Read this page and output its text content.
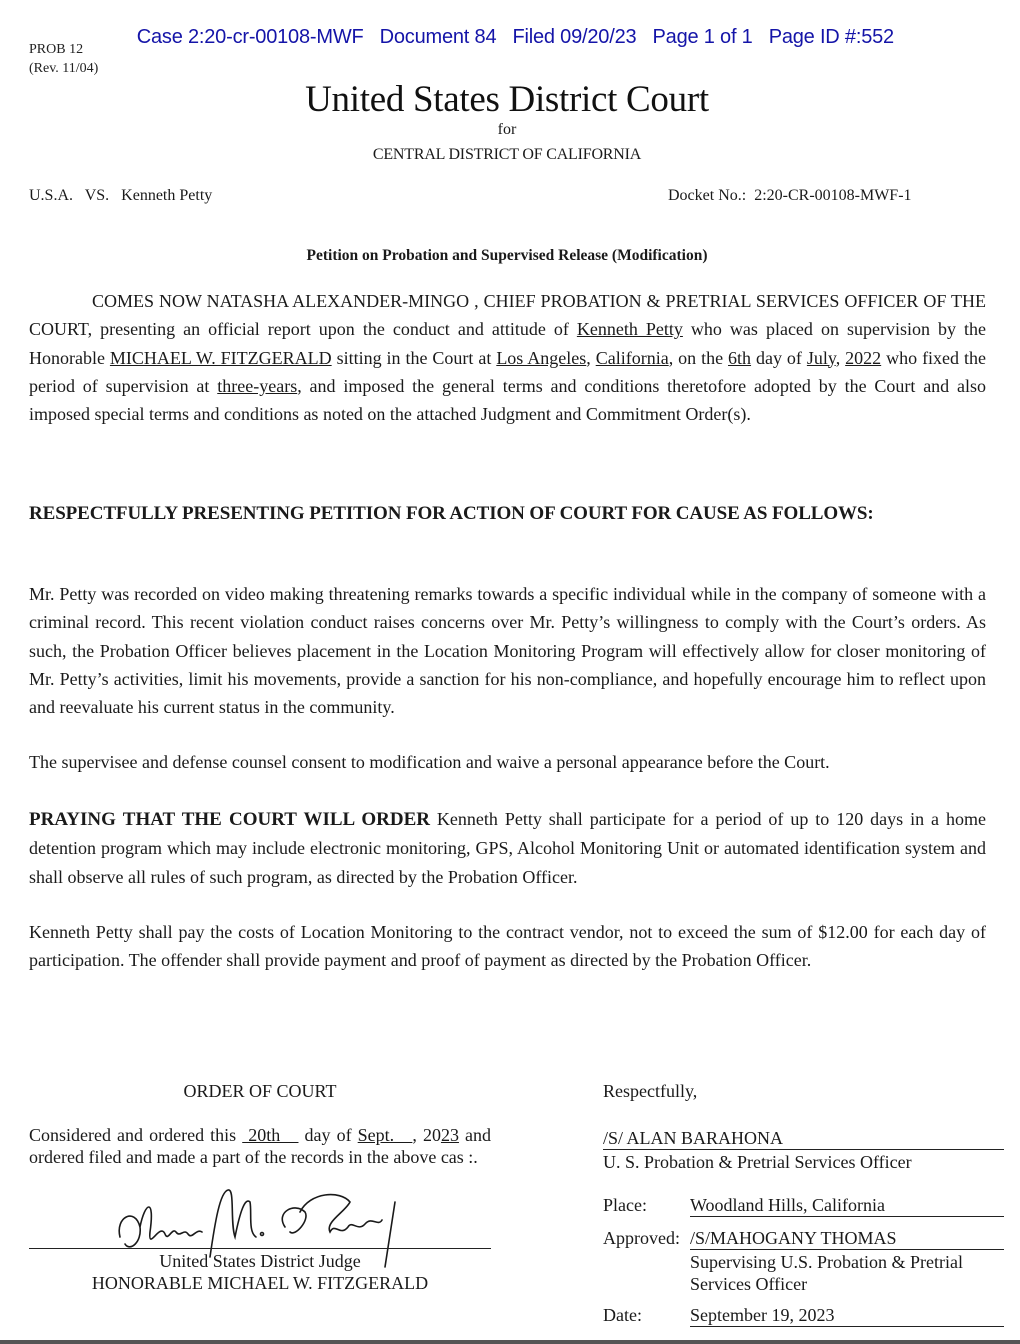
Case 2:20-cr-00108-MWF Document 84 Filed 09/20/23 Page 1 of 1 Page ID #:552

PROB 12
(Rev. 11/04)
United States District Court
for
CENTRAL DISTRICT OF CALIFORNIA
U.S.A.   VS.   Kenneth Petty	Docket No.: 2:20-CR-00108-MWF-1
Petition on Probation and Supervised Release (Modification)
COMES NOW NATASHA ALEXANDER-MINGO , CHIEF PROBATION & PRETRIAL SERVICES OFFICER OF THE COURT, presenting an official report upon the conduct and attitude of Kenneth Petty who was placed on supervision by the Honorable MICHAEL W. FITZGERALD sitting in the Court at Los Angeles, California, on the 6th day of July, 2022 who fixed the period of supervision at three-years, and imposed the general terms and conditions theretofore adopted by the Court and also imposed special terms and conditions as noted on the attached Judgment and Commitment Order(s).
RESPECTFULLY PRESENTING PETITION FOR ACTION OF COURT FOR CAUSE AS FOLLOWS:
Mr. Petty was recorded on video making threatening remarks towards a specific individual while in the company of someone with a criminal record. This recent violation conduct raises concerns over Mr. Petty’s willingness to comply with the Court’s orders. As such, the Probation Officer believes placement in the Location Monitoring Program will effectively allow for closer monitoring of Mr. Petty’s activities, limit his movements, provide a sanction for his non-compliance, and hopefully encourage him to reflect upon and reevaluate his current status in the community.
The supervisee and defense counsel consent to modification and waive a personal appearance before the Court.
PRAYING THAT THE COURT WILL ORDER Kenneth Petty shall participate for a period of up to 120 days in a home detention program which may include electronic monitoring, GPS, Alcohol Monitoring Unit or automated identification system and shall observe all rules of such program, as directed by the Probation Officer.
Kenneth Petty shall pay the costs of Location Monitoring to the contract vendor, not to exceed the sum of $12.00 for each day of participation. The offender shall provide payment and proof of payment as directed by the Probation Officer.
ORDER OF COURT
Considered and ordered this  20th    day of Sept.   , 2023 and ordered filed and made a part of the records in the above cas :.
United States District Judge
HONORABLE MICHAEL W. FITZGERALD
Respectfully,
/S/ ALAN BARAHONA
U. S. Probation & Pretrial Services Officer
Place: Woodland Hills, California
Approved: /S/MAHOGANY THOMAS
Supervising U.S. Probation & Pretrial
Services Officer
Date:	September 19, 2023
